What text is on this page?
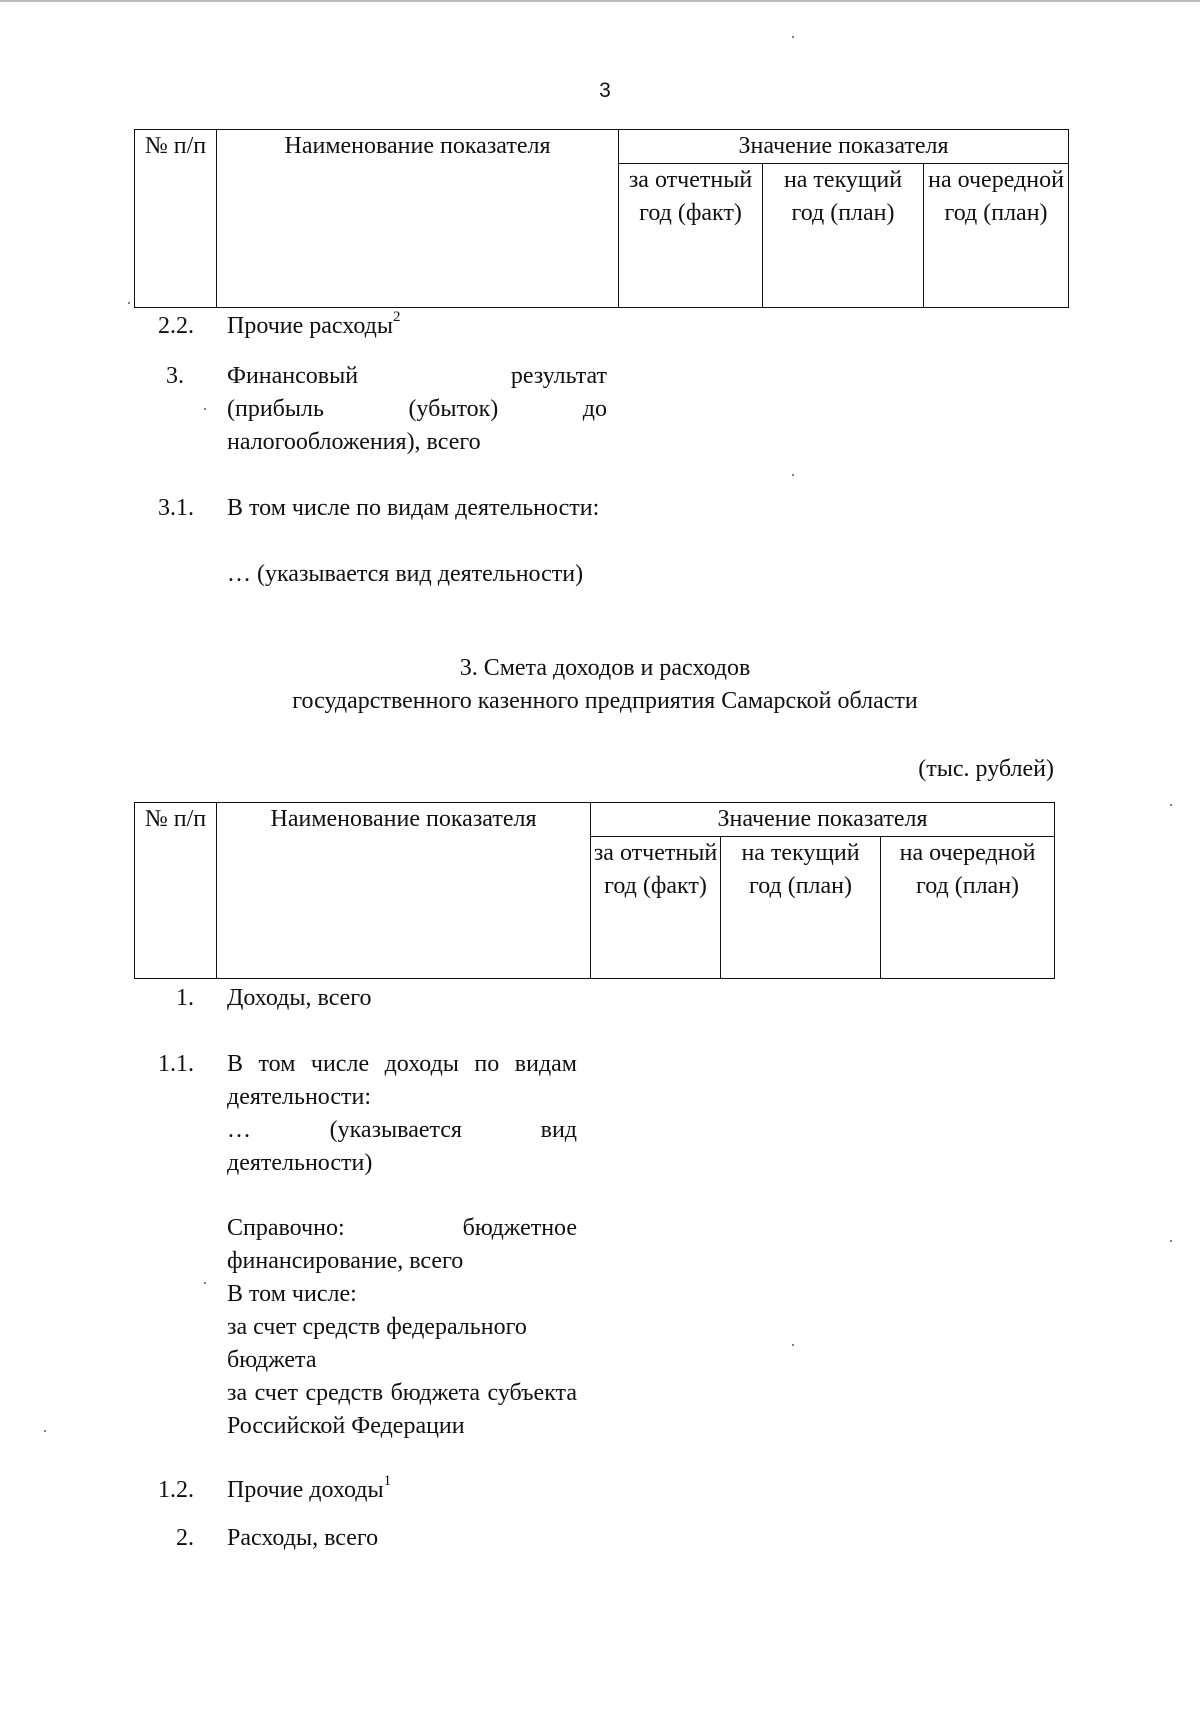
3
№ п/п	Наименование показателя	Значение показателя		
		за отчетный год (факт)	на текущий год (план)	на очередной год (план)
2.2. Прочие расходы$^2$
3. Финансовый	результат
(прибыль	(убыток)	до
налогообложения), всего
3.1. В том числе по видам деятельности:
… (указывается вид деятельности)
3. Смета доходов и расходов
государственного казенного предприятия Самарской области
(тыс. рублей)
№ п/п	Наименование показателя	Значение показателя		
		за отчетный год (факт)	на текущий год (план)	на очередной год (план)
1. Доходы, всего
1.1. В том числе доходы по видам деятельности:
… (указывается вид деятельности)
Справочно: бюджетное финансирование, всего
В том числе:
за счет средств федерального бюджета
за счет средств бюджета субъекта Российской Федерации
1.2. Прочие доходы$^1$
2. Расходы, всего
